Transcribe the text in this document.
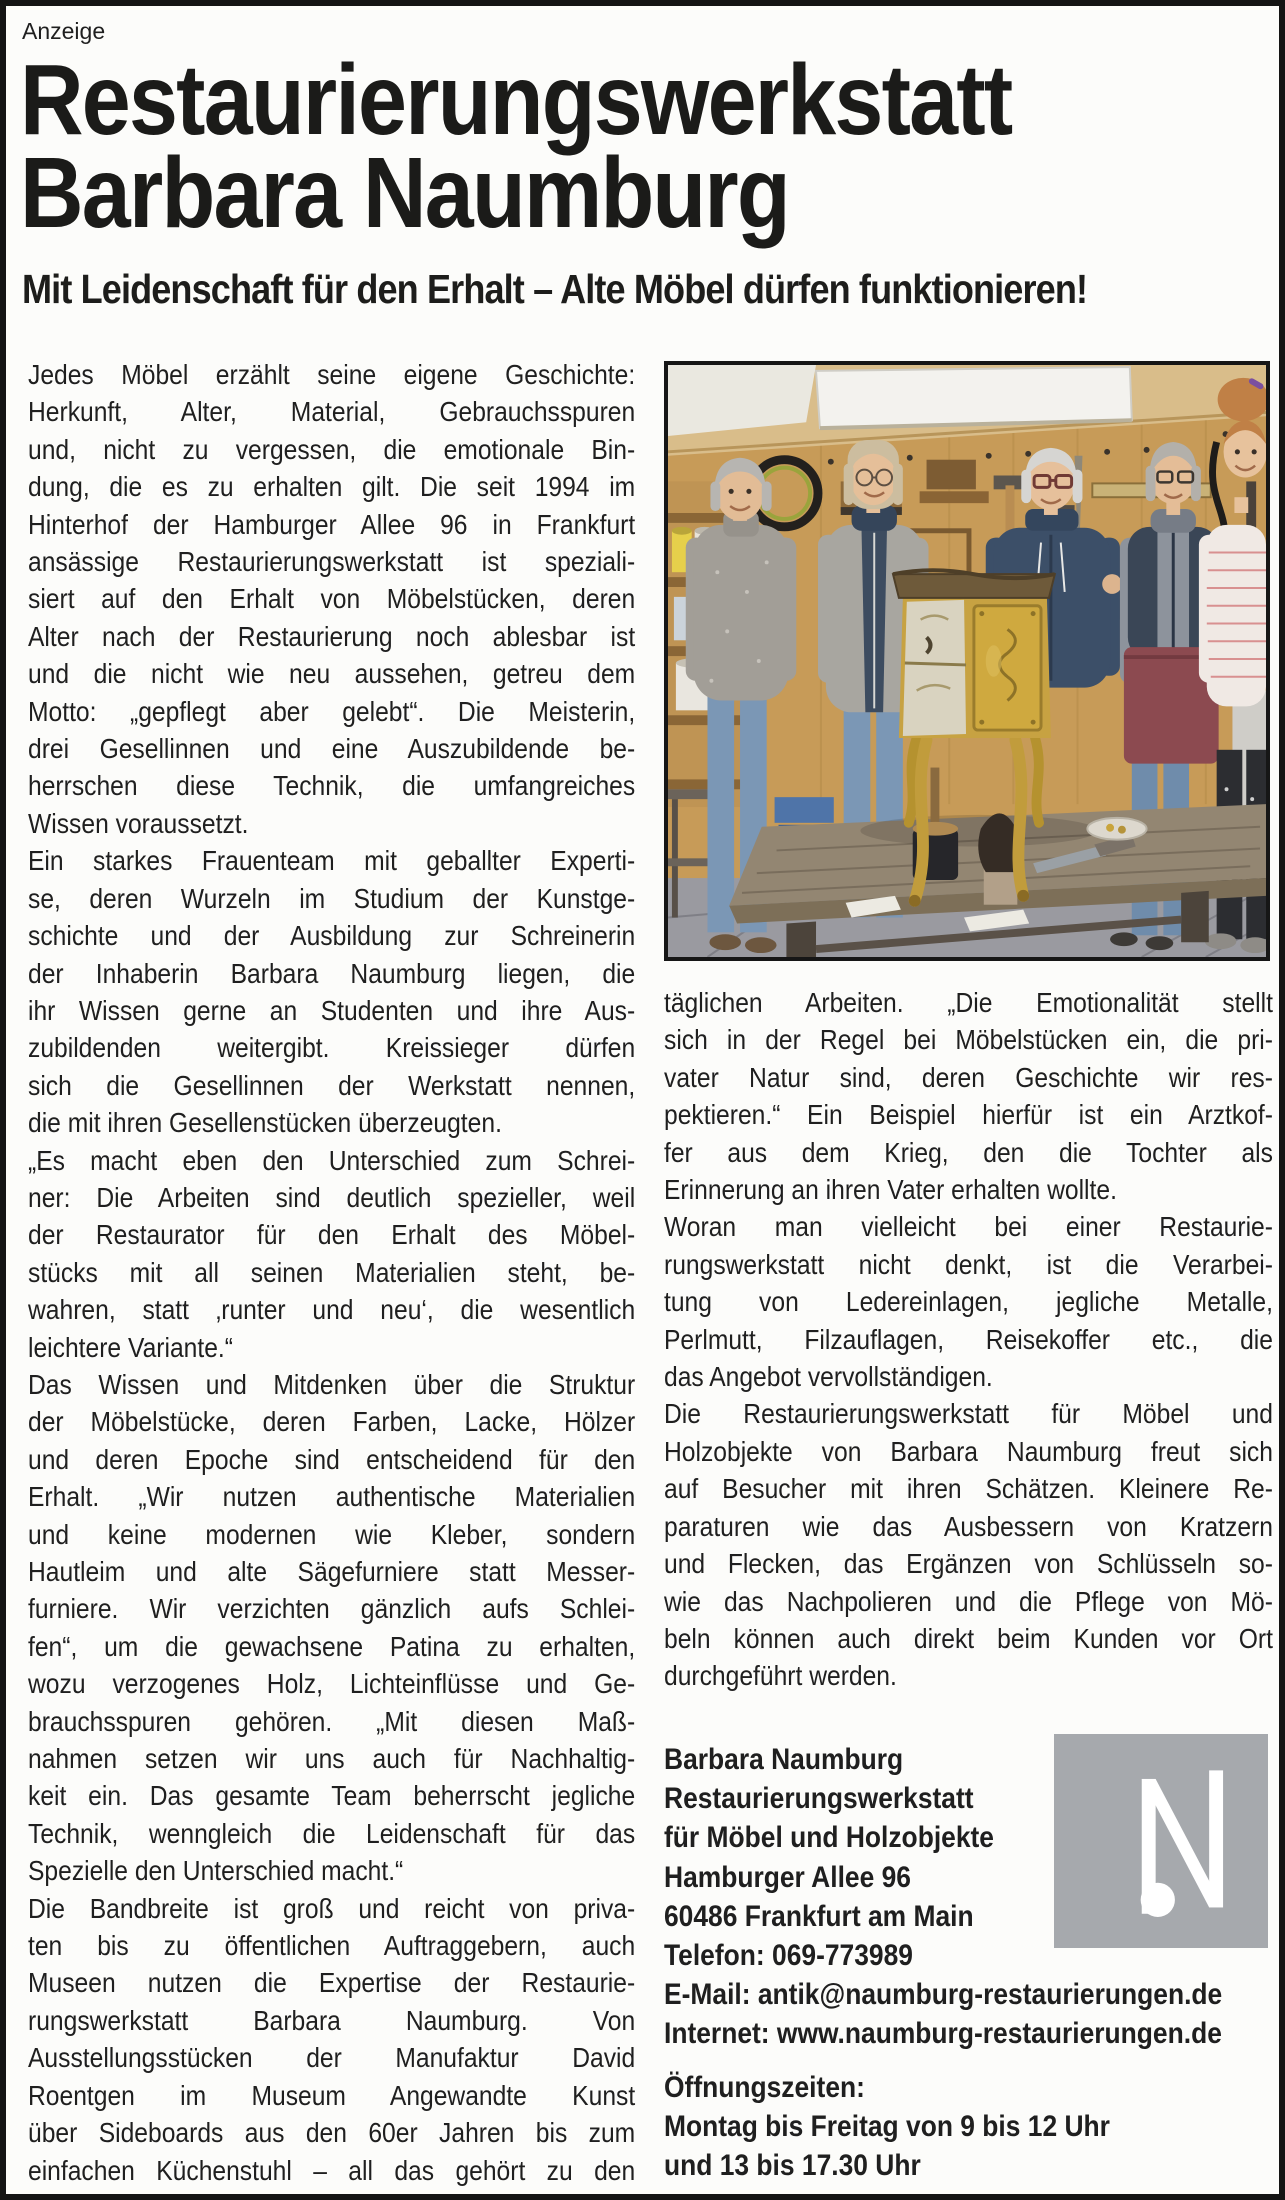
Anzeige
Restaurierungswerkstatt
Barbara Naumburg
Mit Leidenschaft für den Erhalt – Alte Möbel dürfen funktionieren!
Jedes Möbel erzählt seine eigene Geschichte:
Herkunft, Alter, Material, Gebrauchsspuren
und, nicht zu vergessen, die emotionale Bin-
dung, die es zu erhalten gilt. Die seit 1994 im
Hinterhof der Hamburger Allee 96 in Frankfurt
ansässige Restaurierungswerkstatt ist speziali-
siert auf den Erhalt von Möbelstücken, deren
Alter nach der Restaurierung noch ablesbar ist
und die nicht wie neu aussehen, getreu dem
Motto: „gepflegt aber gelebt“. Die Meisterin,
drei Gesellinnen und eine Auszubildende be-
herrschen diese Technik, die umfangreiches
Wissen voraussetzt.
Ein starkes Frauenteam mit geballter Experti-
se, deren Wurzeln im Studium der Kunstge-
schichte und der Ausbildung zur Schreinerin
der Inhaberin Barbara Naumburg liegen, die
ihr Wissen gerne an Studenten und ihre Aus-
zubildenden weitergibt. Kreissieger dürfen
sich die Gesellinnen der Werkstatt nennen,
die mit ihren Gesellenstücken überzeugten.
„Es macht eben den Unterschied zum Schrei-
ner: Die Arbeiten sind deutlich spezieller, weil
der Restaurator für den Erhalt des Möbel-
stücks mit all seinen Materialien steht, be-
wahren, statt ‚runter und neu‘, die wesentlich
leichtere Variante.“
Das Wissen und Mitdenken über die Struktur
der Möbelstücke, deren Farben, Lacke, Hölzer
und deren Epoche sind entscheidend für den
Erhalt. „Wir nutzen authentische Materialien
und keine modernen wie Kleber, sondern
Hautleim und alte Sägefurniere statt Messer-
furniere. Wir verzichten gänzlich aufs Schlei-
fen“, um die gewachsene Patina zu erhalten,
wozu verzogenes Holz, Lichteinflüsse und Ge-
brauchsspuren gehören. „Mit diesen Maß-
nahmen setzen wir uns auch für Nachhaltig-
keit ein. Das gesamte Team beherrscht jegliche
Technik, wenngleich die Leidenschaft für das
Spezielle den Unterschied macht.“
Die Bandbreite ist groß und reicht von priva-
ten bis zu öffentlichen Auftraggebern, auch
Museen nutzen die Expertise der Restaurie-
rungswerkstatt Barbara Naumburg. Von
Ausstellungsstücken der Manufaktur David
Roentgen im Museum Angewandte Kunst
über Sideboards aus den 60er Jahren bis zum
einfachen Küchenstuhl – all das gehört zu den
täglichen Arbeiten. „Die Emotionalität stellt
sich in der Regel bei Möbelstücken ein, die pri-
vater Natur sind, deren Geschichte wir res-
pektieren.“ Ein Beispiel hierfür ist ein Arztkof-
fer aus dem Krieg, den die Tochter als
Erinnerung an ihren Vater erhalten wollte.
Woran man vielleicht bei einer Restaurie-
rungswerkstatt nicht denkt, ist die Verarbei-
tung von Ledereinlagen, jegliche Metalle,
Perlmutt, Filzauflagen, Reisekoffer etc., die
das Angebot vervollständigen.
Die Restaurierungswerkstatt für Möbel und
Holzobjekte von Barbara Naumburg freut sich
auf Besucher mit ihren Schätzen. Kleinere Re-
paraturen wie das Ausbessern von Kratzern
und Flecken, das Ergänzen von Schlüsseln so-
wie das Nachpolieren und die Pflege von Mö-
beln können auch direkt beim Kunden vor Ort
durchgeführt werden.
Barbara Naumburg
Restaurierungswerkstatt
für Möbel und Holzobjekte
Hamburger Allee 96
60486 Frankfurt am Main
Telefon: 069-773989
E-Mail: antik@naumburg-restaurierungen.de
Internet: www.naumburg-restaurierungen.de
Öffnungszeiten:
Montag bis Freitag von 9 bis 12 Uhr
und 13 bis 17.30 Uhr
